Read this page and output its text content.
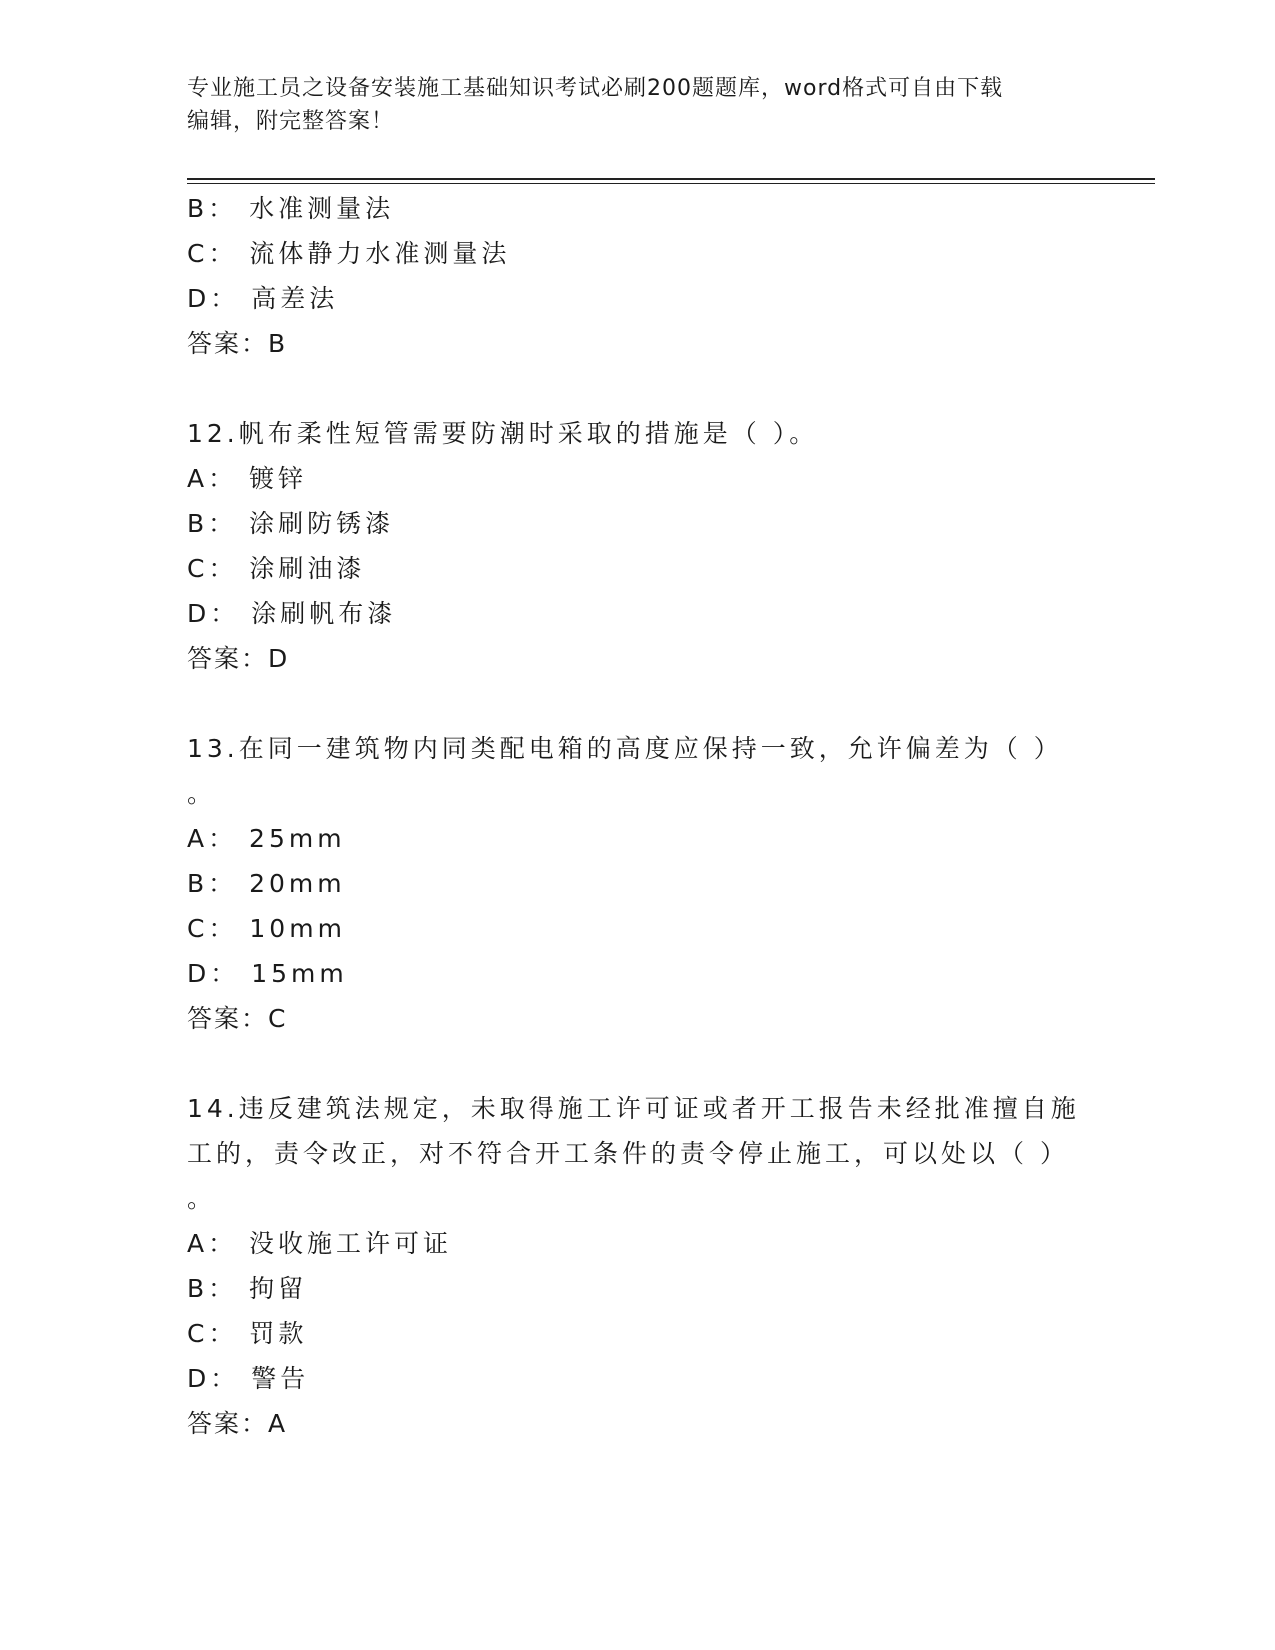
专业施工员之设备安装施工基础知识考试必刷200题题库，word格式可自由下载
编辑，附完整答案！
B： 水准测量法
C： 流体静力水准测量法
D： 高差法
答案：B
12.帆布柔性短管需要防潮时采取的措施是（ ）。
A： 镀锌
B： 涂刷防锈漆
C： 涂刷油漆
D： 涂刷帆布漆
答案：D
13.在同一建筑物内同类配电箱的高度应保持一致，允许偏差为（ ）
。
A： 25mm
B： 20mm
C： 10mm
D： 15mm
答案：C
14.违反建筑法规定，未取得施工许可证或者开工报告未经批准擅自施
工的，责令改正，对不符合开工条件的责令停止施工，可以处以（ ）
。
A： 没收施工许可证
B： 拘留
C： 罚款
D： 警告
答案：A
